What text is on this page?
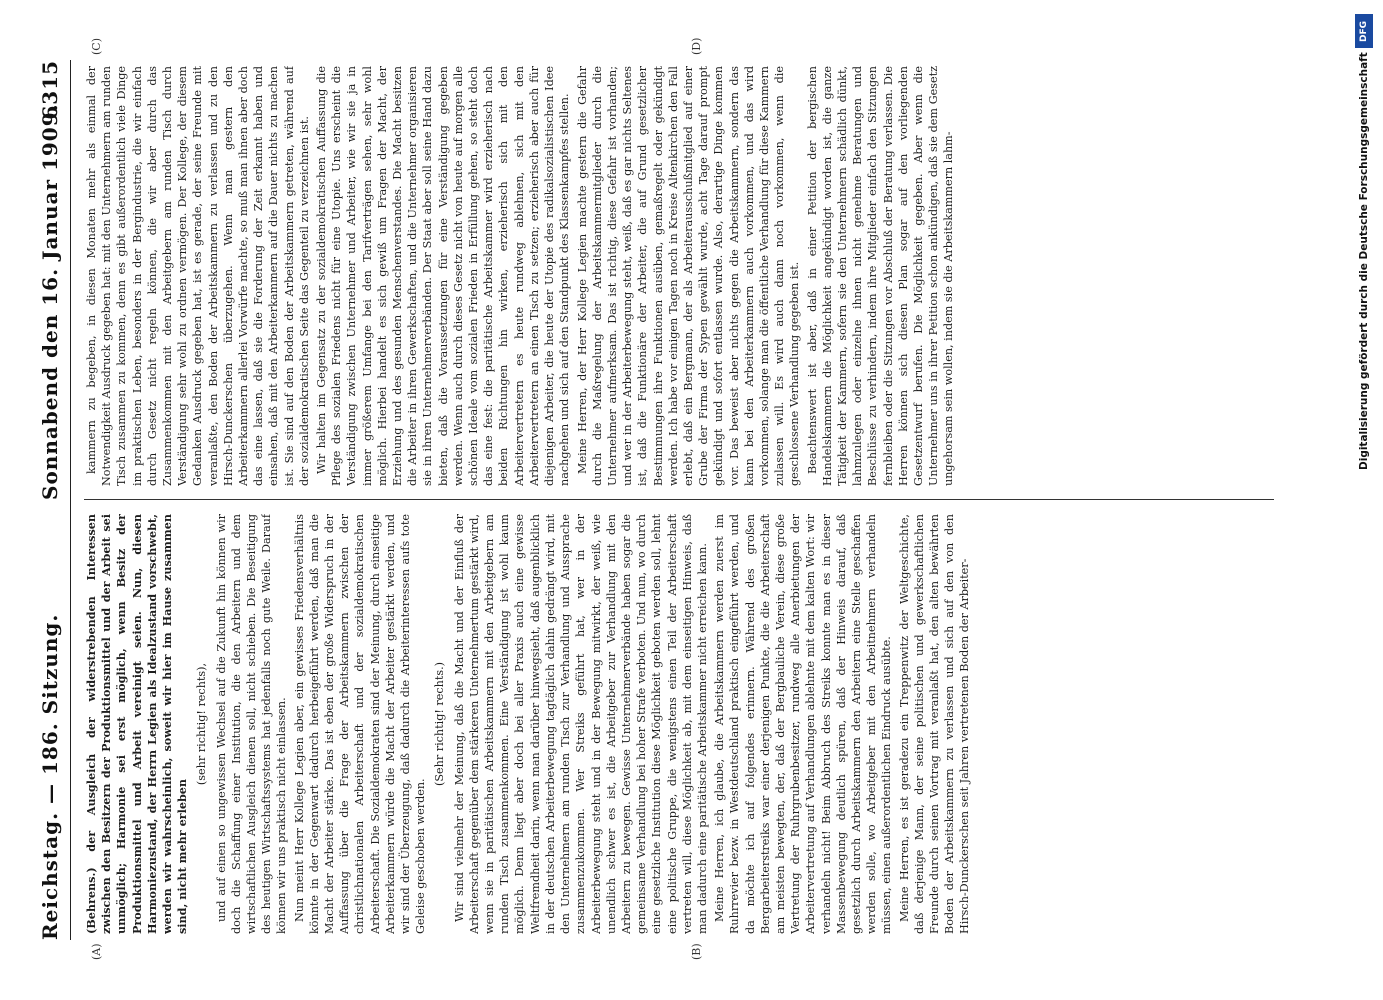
Reichstag. — 186. Sitzung.
Sonnabend den 16. Januar 1909.
6315
(A)	(B)
(C)	(D)

(Behrens.) der Ausgleich der widerstrebenden Interessen zwischen den Besitzern der Produktionsmittel und der Arbeit sei unmöglich; Harmonie sei erst möglich, wenn Besitz der Produktionsmittel und Arbeit vereinigt seien. Nun, diesen Harmoniezustand, der Herrn Legien als Idealzustand vorschwebt, werden wir wahrscheinlich, soweit wir hier im Hause zusammen sind, nicht mehr erleben

(sehr richtig! rechts), und auf einen so ungewissen Wechsel auf die Zukunft hin können wir doch die Schaffung einer Institution, die den Arbeitern und dem wirtschaftlichen Ausgleich dienen soll, nicht schieben. Die Beseitigung des heutigen Wirtschaftssystems hat jedenfalls noch gute Weile. Darauf können wir uns praktisch nicht einlassen. Nun meint Herr Kollege Legien aber, ein gewisses Friedensverhältnis könnte in der Gegenwart dadurch herbeigeführt werden, daß man die Macht der Arbeiter stärke. Das ist eben der große Widerspruch in der Auffassung über die Frage der Arbeitskammern zwischen der christlichnationalen Arbeiterschaft und der sozialdemokratischen Arbeiterschaft. Die Sozialdemokraten sind der Meinung, durch einseitige Arbeiterkammern würde die Macht der Arbeiter gestärkt werden, und wir sind der Überzeugung, daß dadurch die Arbeiterinteressen aufs tote Geleise geschoben werden.

(Sehr richtig! rechts.) Wir sind vielmehr der Meinung, daß die Macht und der Einfluß der Arbeiterschaft gegenüber dem stärkeren Unternehmertum gestärkt wird, wenn sie in paritätischen Arbeitskammern mit den Arbeitgebern am runden Tisch zusammenkommen. Eine Verständigung ist wohl kaum möglich. Denn liegt aber doch bei aller Praxis auch eine gewisse Weltfremdheit darin, wenn man darüber hinwegsieht, daß augenblicklich in der deutschen Arbeiterbewegung tagtäglich dahin gedrängt wird, mit den Unternehmern am runden Tisch zur Verhandlung und Aussprache zusammenzukommen. Wer Streiks geführt hat, wer in der Arbeiterbewegung steht und in der Bewegung mitwirkt, der weiß, wie unendlich schwer es ist, die Arbeitgeber zur Verhandlung mit den Arbeitern zu bewegen. Gewisse Unternehmerverbände haben sogar die gemeinsame Verhandlung bei hoher Strafe verboten. Und nun, wo durch eine gesetzliche Institution diese Möglichkeit geboten werden soll, lehnt eine politische Gruppe, die wenigstens einen Teil der Arbeiterschaft vertreten will, diese Möglichkeit ab, mit dem einseitigen Hinweis, daß man dadurch eine paritätische Arbeitskammer nicht erreichen kann. Meine Herren, ich glaube, die Arbeitskammern werden zuerst im Ruhrrevier bezw. in Westdeutschland praktisch eingeführt werden, und da möchte ich auf folgendes erinnern. Während des großen Bergarbeiterstreiks war einer derjenigen Punkte, die die Arbeiterschaft am meisten bewegten, der, daß der Bergbauliche Verein, diese große Vertretung der Ruhrgrubenbesitzer, rundweg alle Anerbietungen der Arbeitervertretung auf Verhandlungen ablehnte mit dem kalten Wort: wir verhandeln nicht! Beim Abbruch des Streiks konnte man es in dieser Massenbewegung deutlich spüren, daß der Hinweis darauf, daß gesetzlich durch Arbeitskammern den Arbeitern eine Stelle geschaffen werden solle, wo Arbeitgeber mit den Arbeitnehmern verhandeln müssen, einen außerordentlichen Eindruck ausübte. Meine Herren, es ist geradezu ein Treppenwitz der Weltgeschichte, daß derjenige Mann, der seine politischen und gewerkschaftlichen Freunde durch seinen Vortrag mit veranlaßt hat, den alten bewährten Boden der Arbeitskammern zu verlassen und sich auf den von den Hirsch-Dunckerschen seit Jahren vertretenen Boden der Arbeiter-

kammern zu begeben, in diesen Monaten mehr als einmal der Notwendigkeit Ausdruck gegeben hat: mit den Unternehmern am runden Tisch zusammen zu kommen, denn es gibt außerordentlich viele Dinge im praktischen Leben, besonders in der Bergindustrie, die wir einfach durch Gesetz nicht regeln können, die wir aber durch das Zusammenkommen mit den Arbeitgebern am runden Tisch durch Verständigung sehr wohl zu ordnen vermögen. Der Kollege, der diesem Gedanken Ausdruck gegeben hat, ist es gerade, der seine Freunde mit veranlaßte, den Boden der Arbeitskammern zu verlassen und zu den Hirsch-Dunckerschen überzugehen. Wenn man gestern den Arbeiterkammern allerlei Vorwürfe machte, so muß man ihnen aber doch das eine lassen, daß sie die Forderung der Zeit erkannt haben und einsahen, daß mit den Arbeiterkammern auf die Dauer nichts zu machen ist. Sie sind auf den Boden der Arbeitskammern getreten, während auf der sozialdemokratischen Seite das Gegenteil zu verzeichnen ist. Wir halten im Gegensatz zu der sozialdemokratischen Auffassung die Pflege des sozialen Friedens nicht für eine Utopie. Uns erscheint die Verständigung zwischen Unternehmer und Arbeiter, wie wir sie ja in immer größerem Umfange bei den Tarifverträgen sehen, sehr wohl möglich. Hierbei handelt es sich gewiß um Fragen der Macht, der Erziehung und des gesunden Menschenverstandes. Die Macht besitzen die Arbeiter in ihren Gewerkschaften, und die Unternehmer organisieren sie in ihren Unternehmerverbänden. Der Staat aber soll seine Hand dazu bieten, daß die Voraussetzungen für eine Verständigung gegeben werden. Wenn auch durch dieses Gesetz nicht von heute auf morgen alle schönen Ideale vom sozialen Frieden in Erfüllung gehen, so steht doch das eine fest: die paritätische Arbeitskammer wird erzieherisch nach beiden Richtungen hin wirken, erzieherisch sich mit den Arbeitervertretern es heute rundweg ablehnen, sich mit den Arbeitervertretern an einen Tisch zu setzen; erzieherisch aber auch für diejenigen Arbeiter, die heute der Utopie des radikalsozialistischen Idee nachgehen und sich auf den Standpunkt des Klassenkampfes stellen. Meine Herren, der Herr Kollege Legien machte gestern die Gefahr durch die Maßregelung der Arbeitskammermitglieder durch die Unternehmer aufmerksam. Das ist richtig, diese Gefahr ist vorhanden; und wer in der Arbeiterbewegung steht, weiß, daß es gar nichts Seltenes ist, daß die Funktionäre der Arbeiter, die auf Grund gesetzlicher Bestimmungen ihre Funktionen ausüben, gemaßregelt oder gekündigt werden. Ich habe vor einigen Tagen noch in Kreise Altenkirchen den Fall erlebt, daß ein Bergmann, der als Arbeiterausschußmitglied auf einer Grube der Firma der Sypen gewählt wurde, acht Tage darauf prompt gekündigt und sofort entlassen wurde. Also, derartige Dinge kommen vor. Das beweist aber nichts gegen die Arbeitskammern, sondern das kann bei den Arbeiterkammern auch vorkommen, und das wird vorkommen, solange man die öffentliche Verhandlung für diese Kammern zulassen will. Es wird auch dann noch vorkommen, wenn die geschlossene Verhandlung gegeben ist. Beachtenswert ist aber, daß in einer Petition der bergischen Handelskammern die Möglichkeit angekündigt worden ist, die ganze Tätigkeit der Kammern, sofern sie den Unternehmern schädlich dünkt, lahmzulegen oder einzelne ihnen nicht genehme Beratungen und Beschlüsse zu verhindern, indem ihre Mitglieder einfach den Sitzungen fernbleiben oder die Sitzungen vor Abschluß der Beratung verlassen. Die Herren können sich diesen Plan sogar auf den vorliegenden Gesetzentwurf berufen. Die Möglichkeit gegeben. Aber wenn die Unternehmer uns in ihrer Petition schon ankündigen, daß sie dem Gesetz ungehorsam sein wollen, indem sie die Arbeitskammern lahm-

DFG
Digitalisierung gefördert durch die Deutsche Forschungsgemeinschaft
